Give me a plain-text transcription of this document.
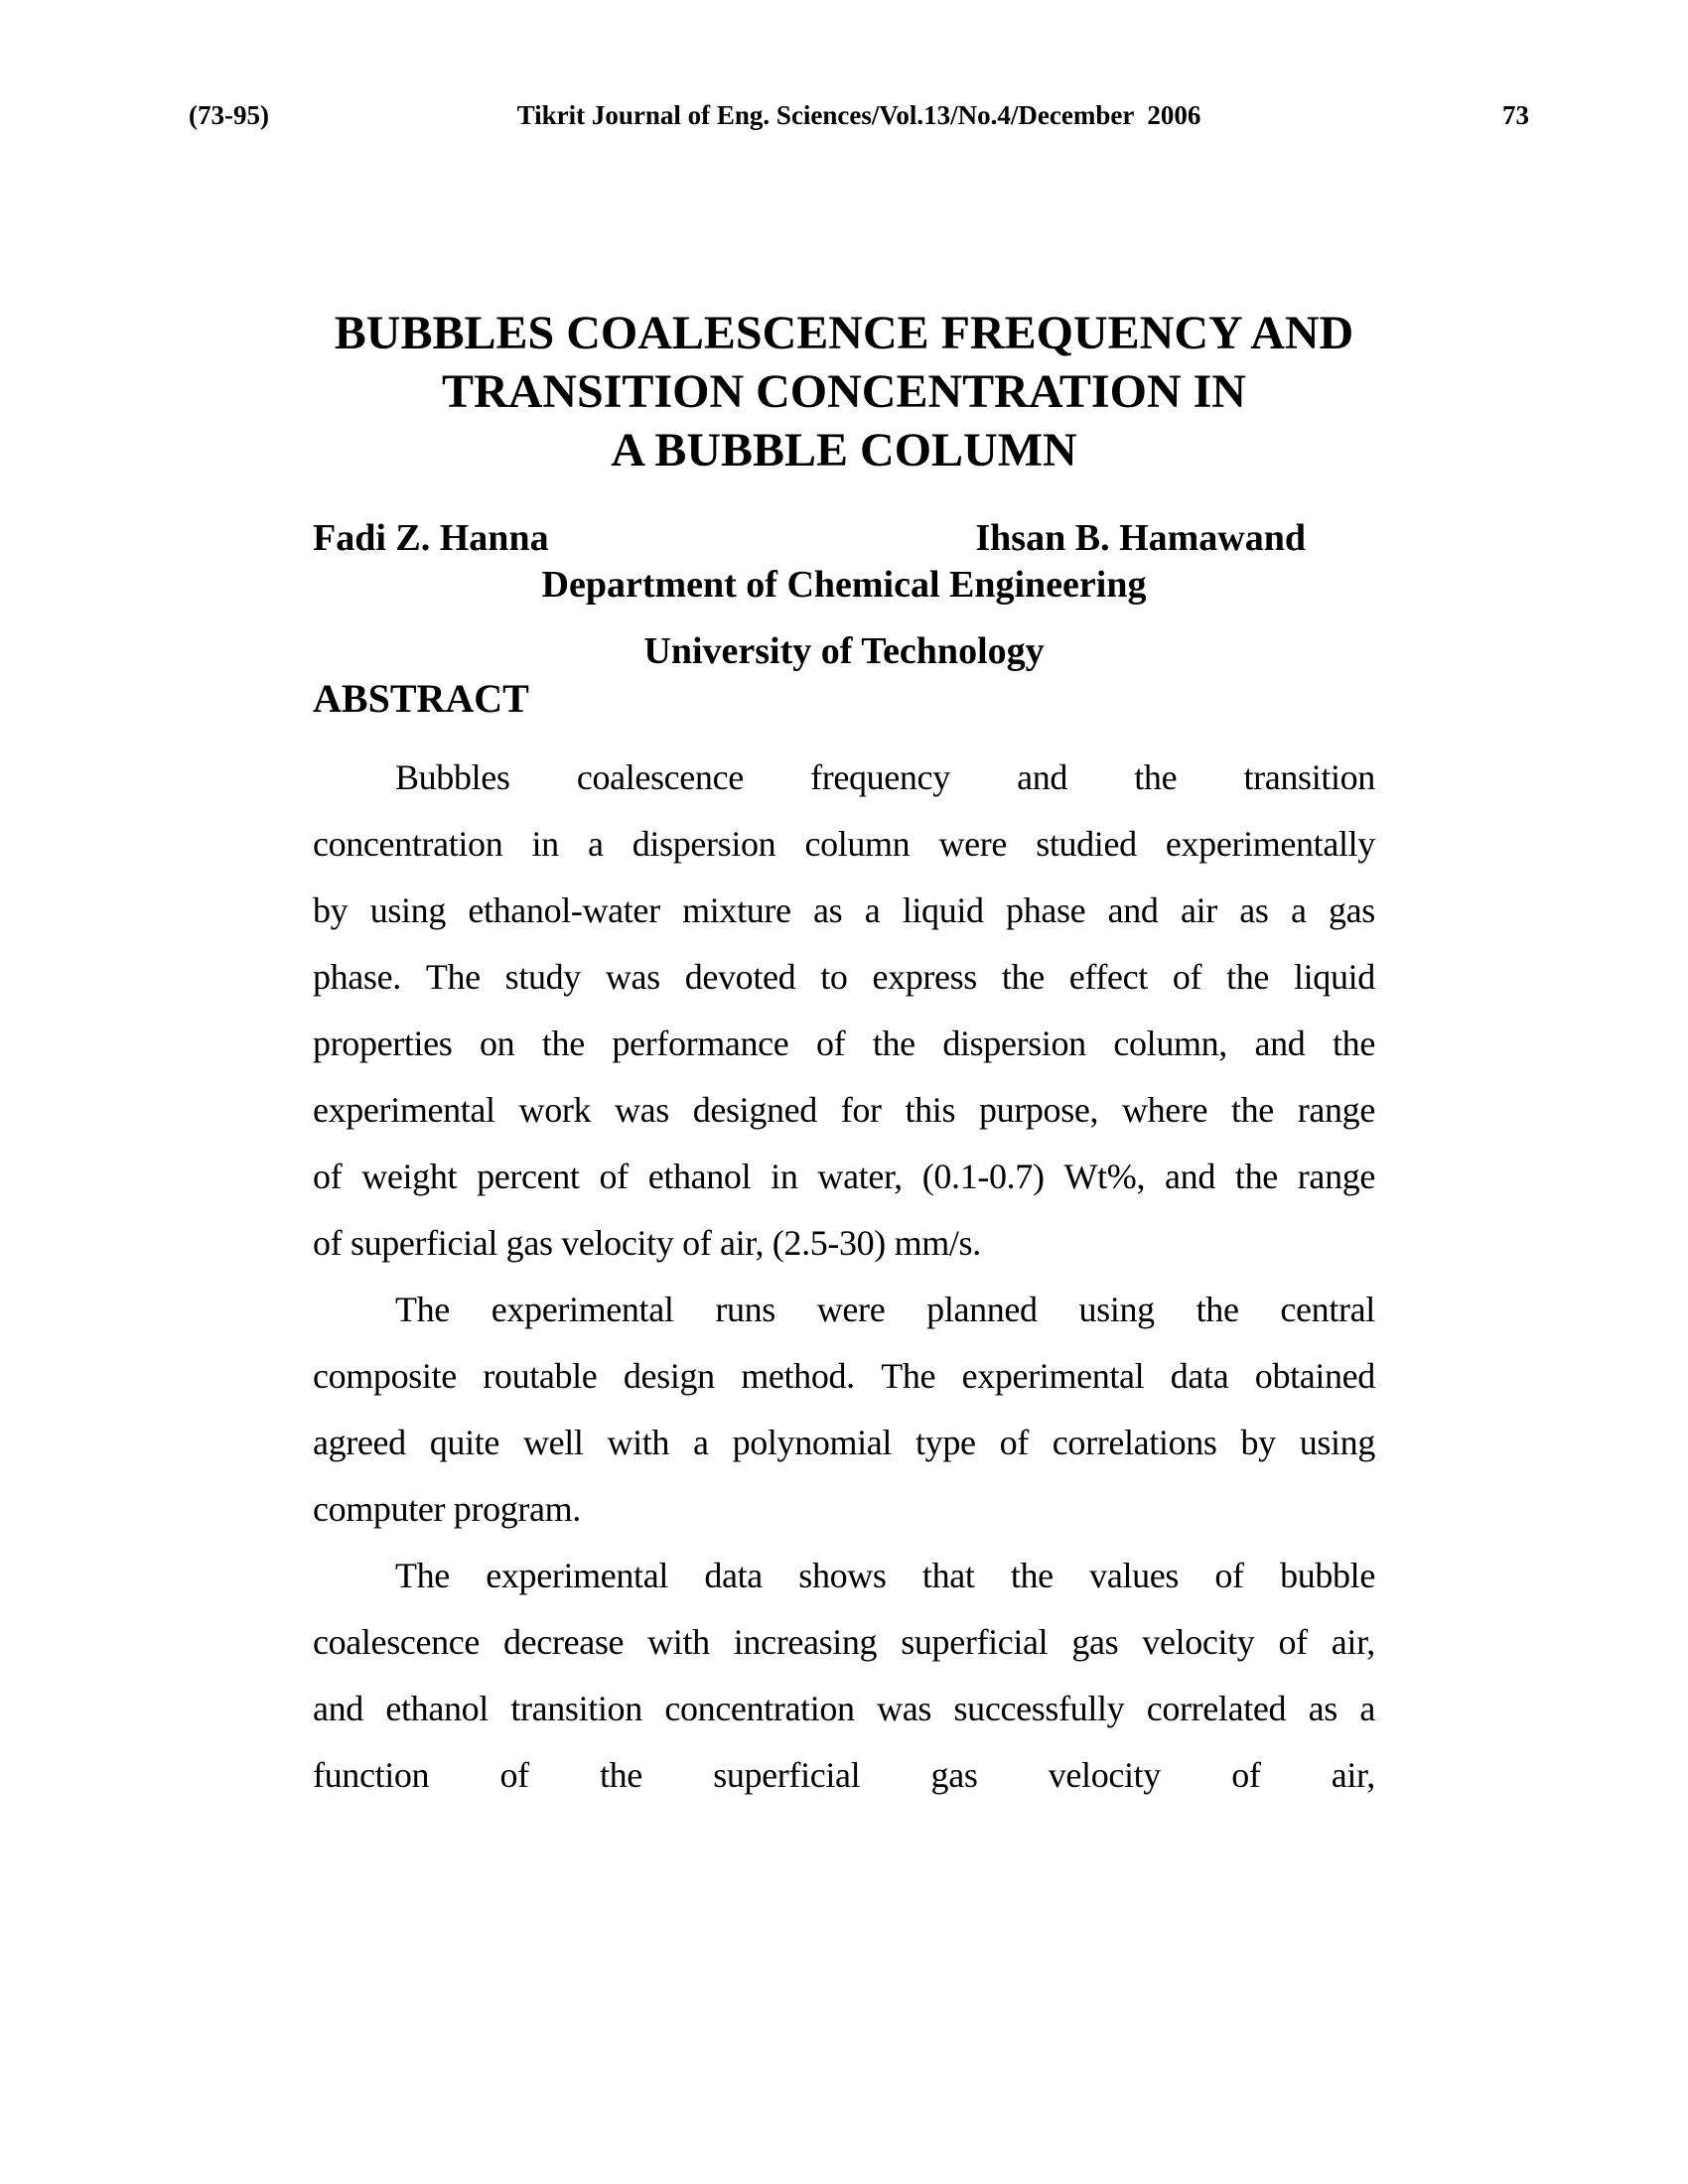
(73-95)	Tikrit Journal of Eng. Sciences/Vol.13/No.4/December  2006	73
BUBBLES COALESCENCE FREQUENCY AND
TRANSITION CONCENTRATION IN
A BUBBLE COLUMN
Fadi Z. Hanna	Ihsan B. Hamawand
Department of Chemical Engineering
University of Technology
ABSTRACT
Bubbles coalescence frequency and the transition
concentration in a dispersion column were studied experimentally
by using ethanol-water mixture as a liquid phase and air as a gas
phase. The study was devoted to express the effect of the liquid
properties on the performance of the dispersion column, and the
experimental work was designed for this purpose, where the range
of weight percent of ethanol in water, (0.1-0.7) Wt%, and the range
of superficial gas velocity of air, (2.5-30) mm/s.
The experimental runs were planned using the central
composite routable design method. The experimental data obtained
agreed quite well with a polynomial type of correlations by using
computer program.
The experimental data shows that the values of bubble
coalescence decrease with increasing superficial gas velocity of air,
and ethanol transition concentration was successfully correlated as a
function of the superficial gas velocity of air,
